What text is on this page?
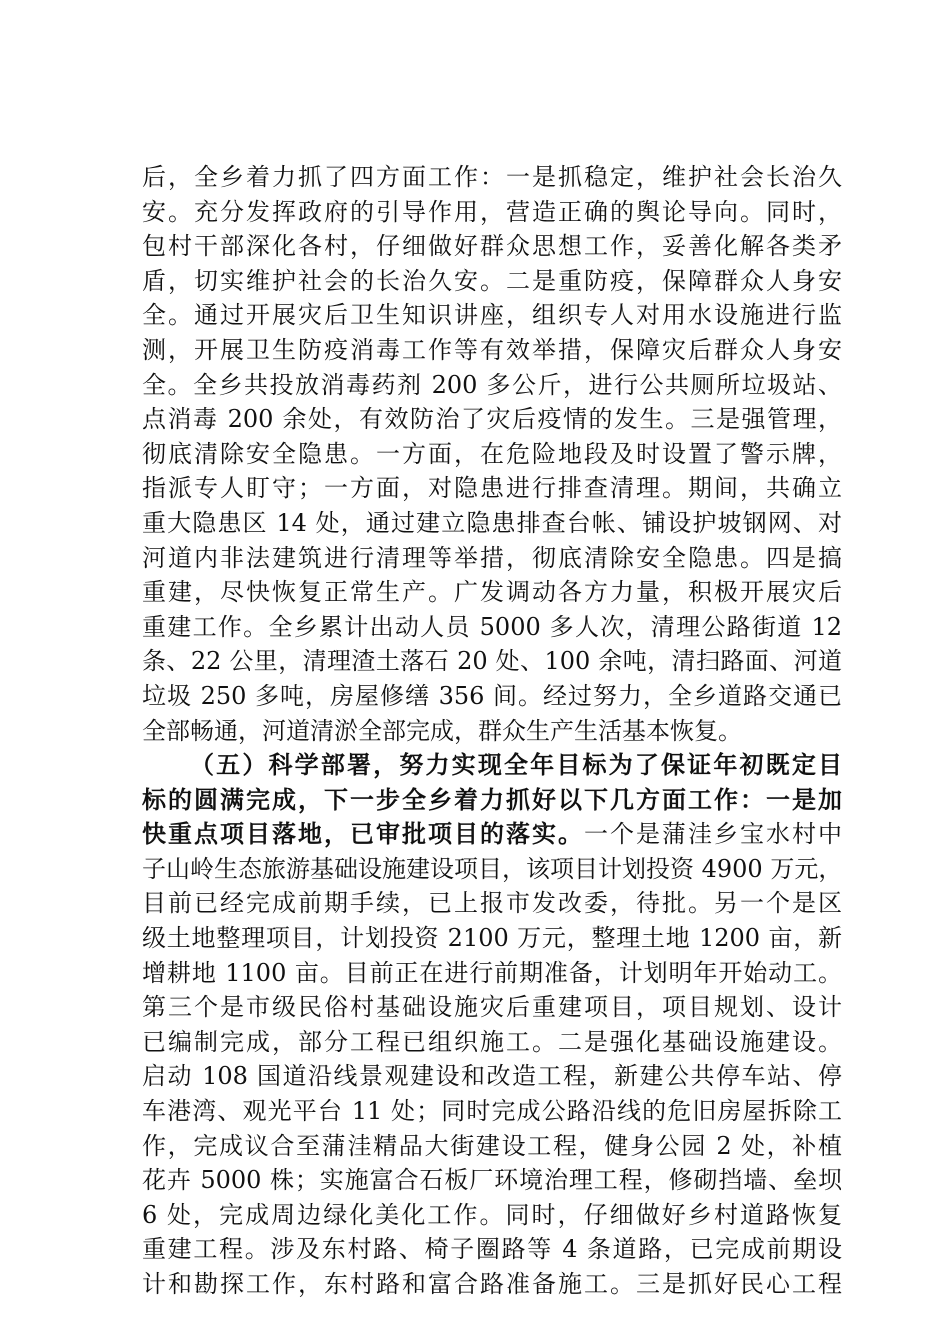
后，全乡着力抓了四方面工作：一是抓稳定，维护社会长治久
安。充分发挥政府的引导作用，营造正确的舆论导向。同时，
包村干部深化各村，仔细做好群众思想工作，妥善化解各类矛
盾，切实维护社会的长治久安。二是重防疫，保障群众人身安
全。通过开展灾后卫生知识讲座，组织专人对用水设施进行监
测，开展卫生防疫消毒工作等有效举措，保障灾后群众人身安
全。全乡共投放消毒药剂 200 多公斤，进行公共厕所垃圾站、
点消毒 200 余处，有效防治了灾后疫情的发生。三是强管理，
彻底清除安全隐患。一方面，在危险地段及时设置了警示牌，
指派专人盯守；一方面，对隐患进行排查清理。期间，共确立
重大隐患区 14 处，通过建立隐患排查台帐、铺设护坡钢网、对
河道内非法建筑进行清理等举措，彻底清除安全隐患。四是搞
重建，尽快恢复正常生产。广发调动各方力量，积极开展灾后
重建工作。全乡累计出动人员 5000 多人次，清理公路街道 12
条、22 公里，清理渣土落石 20 处、100 余吨，清扫路面、河道
垃圾 250 多吨，房屋修缮 356 间。经过努力，全乡道路交通已
全部畅通，河道清淤全部完成，群众生产生活基本恢复。
（五）科学部署，努力实现全年目标为了保证年初既定目
标的圆满完成，下一步全乡着力抓好以下几方面工作：一是加
快重点项目落地，已审批项目的落实。一个是蒲洼乡宝水村中
子山岭生态旅游基础设施建设项目，该项目计划投资 4900 万元，
目前已经完成前期手续，已上报市发改委，待批。另一个是区
级土地整理项目，计划投资 2100 万元，整理土地 1200 亩，新
增耕地 1100 亩。目前正在进行前期准备，计划明年开始动工。
第三个是市级民俗村基础设施灾后重建项目，项目规划、设计
已编制完成，部分工程已组织施工。二是强化基础设施建设。
启动 108 国道沿线景观建设和改造工程，新建公共停车站、停
车港湾、观光平台 11 处；同时完成公路沿线的危旧房屋拆除工
作，完成议合至蒲洼精品大街建设工程，健身公园 2 处，补植
花卉 5000 株；实施富合石板厂环境治理工程，修砌挡墙、垒坝
6 处，完成周边绿化美化工作。同时，仔细做好乡村道路恢复
重建工程。涉及东村路、椅子圈路等 4 条道路，已完成前期设
计和勘探工作，东村路和富合路准备施工。三是抓好民心工程
